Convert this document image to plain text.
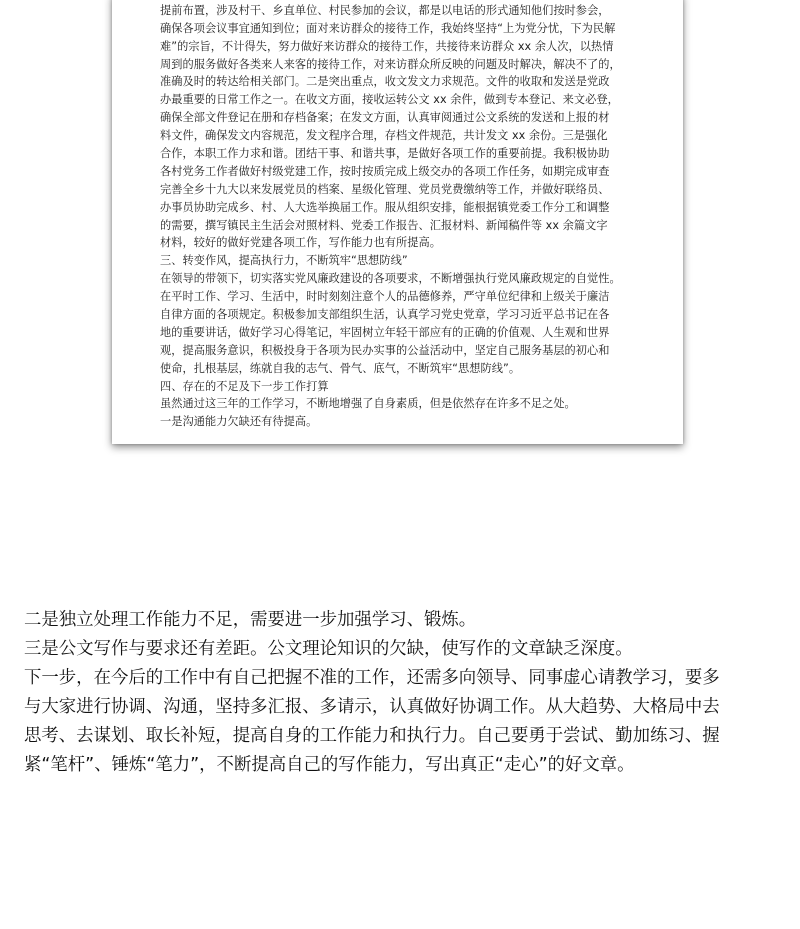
提前布置，涉及村干、乡直单位、村民参加的会议，都是以电话的形式通知他们按时参会，
确保各项会议事宜通知到位；面对来访群众的接待工作，我始终坚持“上为党分忧，下为民解
难”的宗旨，不计得失，努力做好来访群众的接待工作，共接待来访群众 xx 余人次，以热情
周到的服务做好各类来人来客的接待工作，对来访群众所反映的问题及时解决，解决不了的，
准确及时的转达给相关部门。二是突出重点，收文发文力求规范。文件的收取和发送是党政
办最重要的日常工作之一。在收文方面，接收运转公文 xx 余件，做到专本登记、来文必登，
确保全部文件登记在册和存档备案；在发文方面，认真审阅通过公文系统的发送和上报的材
料文件，确保发文内容规范，发文程序合理，存档文件规范，共计发文 xx 余份。三是强化
合作，本职工作力求和谐。团结干事、和谐共事，是做好各项工作的重要前提。我积极协助
各村党务工作者做好村级党建工作，按时按质完成上级交办的各项工作任务，如期完成审查
完善全乡十九大以来发展党员的档案、星级化管理、党员党费缴纳等工作，并做好联络员、
办事员协助完成乡、村、人大选举换届工作。服从组织安排，能根据镇党委工作分工和调整
的需要，撰写镇民主生活会对照材料、党委工作报告、汇报材料、新闻稿件等 xx 余篇文字
材料，较好的做好党建各项工作，写作能力也有所提高。
三、转变作风，提高执行力，不断筑牢“思想防线”
在领导的带领下，切实落实党风廉政建设的各项要求，不断增强执行党风廉政规定的自觉性。
在平时工作、学习、生活中，时时刻刻注意个人的品德修养，严守单位纪律和上级关于廉洁
自律方面的各项规定。积极参加支部组织生活，认真学习党史党章，学习习近平总书记在各
地的重要讲话，做好学习心得笔记，牢固树立年轻干部应有的正确的价值观、人生观和世界
观，提高服务意识，积极投身于各项为民办实事的公益活动中，坚定自己服务基层的初心和
使命，扎根基层，练就自我的志气、骨气、底气，不断筑牢“思想防线”。
四、存在的不足及下一步工作打算
虽然通过这三年的工作学习，不断地增强了自身素质，但是依然存在许多不足之处。
一是沟通能力欠缺还有待提高。
二是独立处理工作能力不足，需要进一步加强学习、锻炼。
三是公文写作与要求还有差距。公文理论知识的欠缺，使写作的文章缺乏深度。
下一步，在今后的工作中有自己把握不准的工作，还需多向领导、同事虚心请教学习，要多
与大家进行协调、沟通，坚持多汇报、多请示，认真做好协调工作。从大趋势、大格局中去
思考、去谋划、取长补短，提高自身的工作能力和执行力。自己要勇于尝试、勤加练习、握
紧“笔杆”、锤炼“笔力”，不断提高自己的写作能力，写出真正“走心”的好文章。
